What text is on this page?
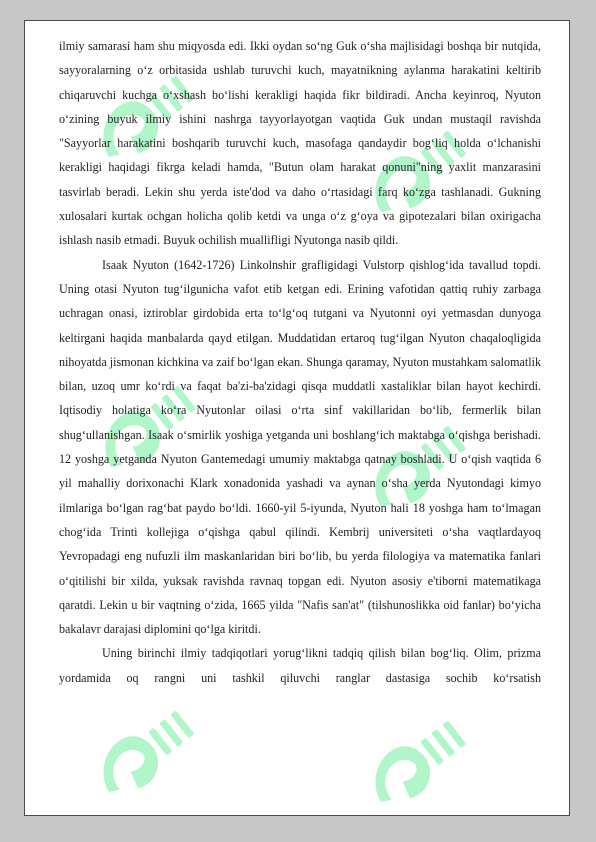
ilmiy samarasi ham shu miqyosda edi. Ikki oydan so‘ng Guk o‘sha majlisidagi boshqa bir nutqida, sayyoralarning o‘z orbitasida ushlab turuvchi kuch, mayatnikning aylanma harakatini keltirib chiqaruvchi kuchga o‘xshash bo‘lishi kerakligi haqida fikr bildiradi. Ancha keyinroq, Nyuton o‘zining buyuk ilmiy ishini nashrga tayyorlayotgan vaqtida Guk undan mustaqil ravishda "Sayyorlar harakatini boshqarib turuvchi kuch, masofaga qandaydir bog‘liq holda o‘lchanishi kerakligi haqidagi fikrga keladi hamda, "Butun olam harakat qonuni"ning yaxlit manzarasini tasvirlab beradi. Lekin shu yerda iste'dod va daho o‘rtasidagi farq ko‘zga tashlanadi. Gukning xulosalari kurtak ochgan holicha qolib ketdi va unga o‘z g‘oya va gipotezalari bilan oxirigacha ishlash nasib etmadi. Buyuk ochilish muallifligi Nyutonga nasib qildi.

Isaak Nyuton (1642-1726) Linkolnshir grafligidagi Vulstorp qishlog‘ida tavallud topdi. Uning otasi Nyuton tug‘ilgunicha vafot etib ketgan edi. Erining vafotidan qattiq ruhiy zarbaga uchragan onasi, iztiroblar girdobida erta to‘lg‘oq tutgani va Nyutonni oyi yetmasdan dunyoga keltirgani haqida manbalarda qayd etilgan. Muddatidan ertaroq tug‘ilgan Nyuton chaqaloqligida nihoyatda jismonan kichkina va zaif bo‘lgan ekan. Shunga qaramay, Nyuton mustahkam salomatlik bilan, uzoq umr ko‘rdi va faqat ba'zi-ba'zidagi qisqa muddatli xastaliklar bilan hayot kechirdi. Iqtisodiy holatiga ko‘ra Nyutonlar oilasi o‘rta sinf vakillaridan bo‘lib, fermerlik bilan shug‘ullanishgan. Isaak o‘smirlik yoshiga yetganda uni boshlang‘ich maktabga o‘qishga berishadi. 12 yoshga yetganda Nyuton Gantemedagi umumiy maktabga qatnay boshladi. U o‘qish vaqtida 6 yil mahalliy dorixonachi Klark xonadonida yashadi va aynan o‘sha yerda Nyutondagi kimyo ilmlariga bo‘lgan rag‘bat paydo bo‘ldi. 1660-yil 5-iyunda, Nyuton hali 18 yoshga ham to‘lmagan chog‘ida Trinti kollejiga o‘qishga qabul qilindi. Kembrij universiteti o‘sha vaqtlardayoq Yevropadagi eng nufuzli ilm maskanlaridan biri bo‘lib, bu yerda filologiya va matematika fanlari o‘qitilishi bir xilda, yuksak ravishda ravnaq topgan edi. Nyuton asosiy e'tiborni matematikaga qaratdi. Lekin u bir vaqtning o‘zida, 1665 yilda "Nafis san'at" (tilshunoslikka oid fanlar) bo‘yicha bakalavr darajasi diplomini qo‘lga kiritdi.

Uning birinchi ilmiy tadqiqotlari yorug‘likni tadqiq qilish bilan bog‘liq. Olim, prizma yordamida oq rangni uni tashkil qiluvchi ranglar dastasiga sochib ko‘rsatish
